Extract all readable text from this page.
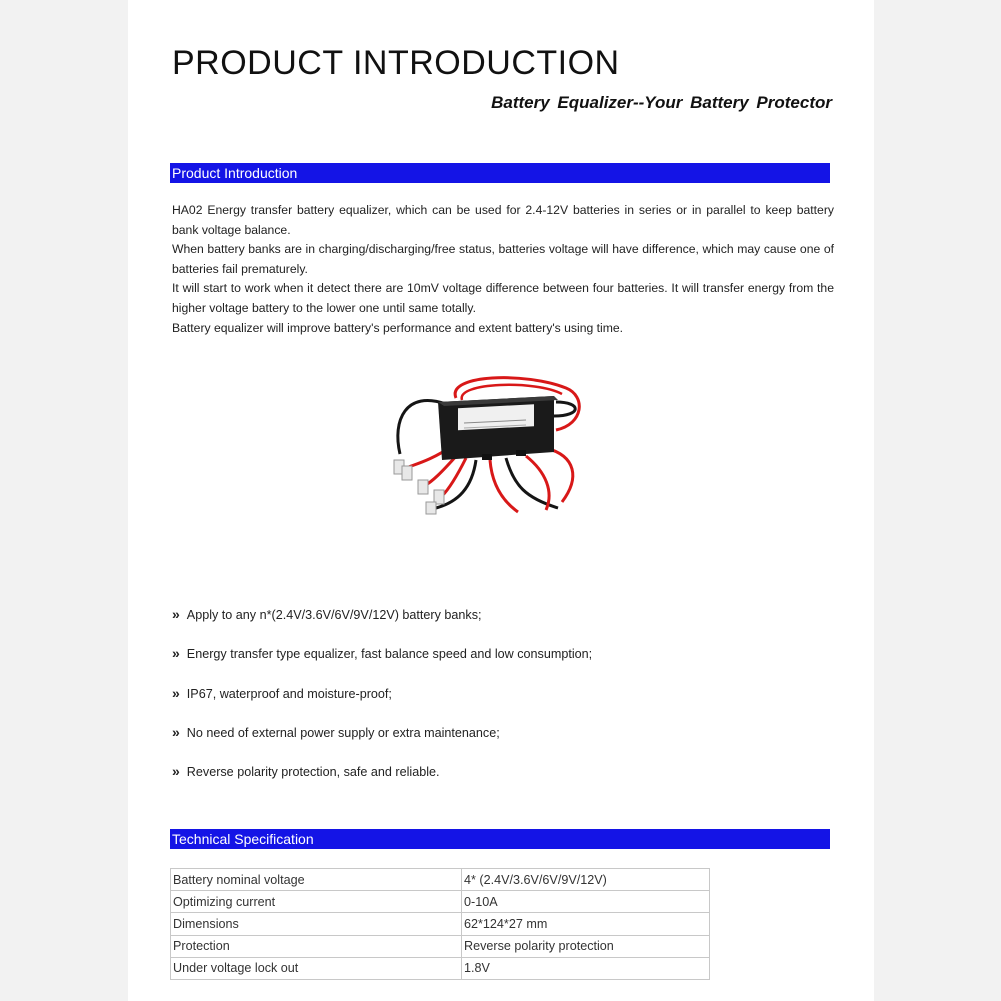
PRODUCT INTRODUCTION
Battery Equalizer--Your Battery Protector
Product Introduction

HA02 Energy transfer battery equalizer, which can be used for 2.4-12V batteries in series or in parallel to keep battery bank voltage balance.

When battery banks are in charging/discharging/free status, batteries voltage will have difference, which may cause one of batteries fail prematurely.

It will start to work when it detect there are 10mV voltage difference between four batteries. It will transfer energy from the higher voltage battery to the lower one until same totally.

Battery equalizer will improve battery's performance and extent battery's using time.

» Apply to any n*(2.4V/3.6V/6V/9V/12V) battery banks;
» Energy transfer type equalizer, fast balance speed and low consumption;
» IP67, waterproof and moisture-proof;
» No need of external power supply or extra maintenance;
» Reverse polarity protection, safe and reliable.
Technical Specification
Battery nominal voltage	4* (2.4V/3.6V/6V/9V/12V)
Optimizing current	0-10A
Dimensions	62*124*27 mm
Protection	Reverse polarity protection
Under voltage lock out	1.8V
